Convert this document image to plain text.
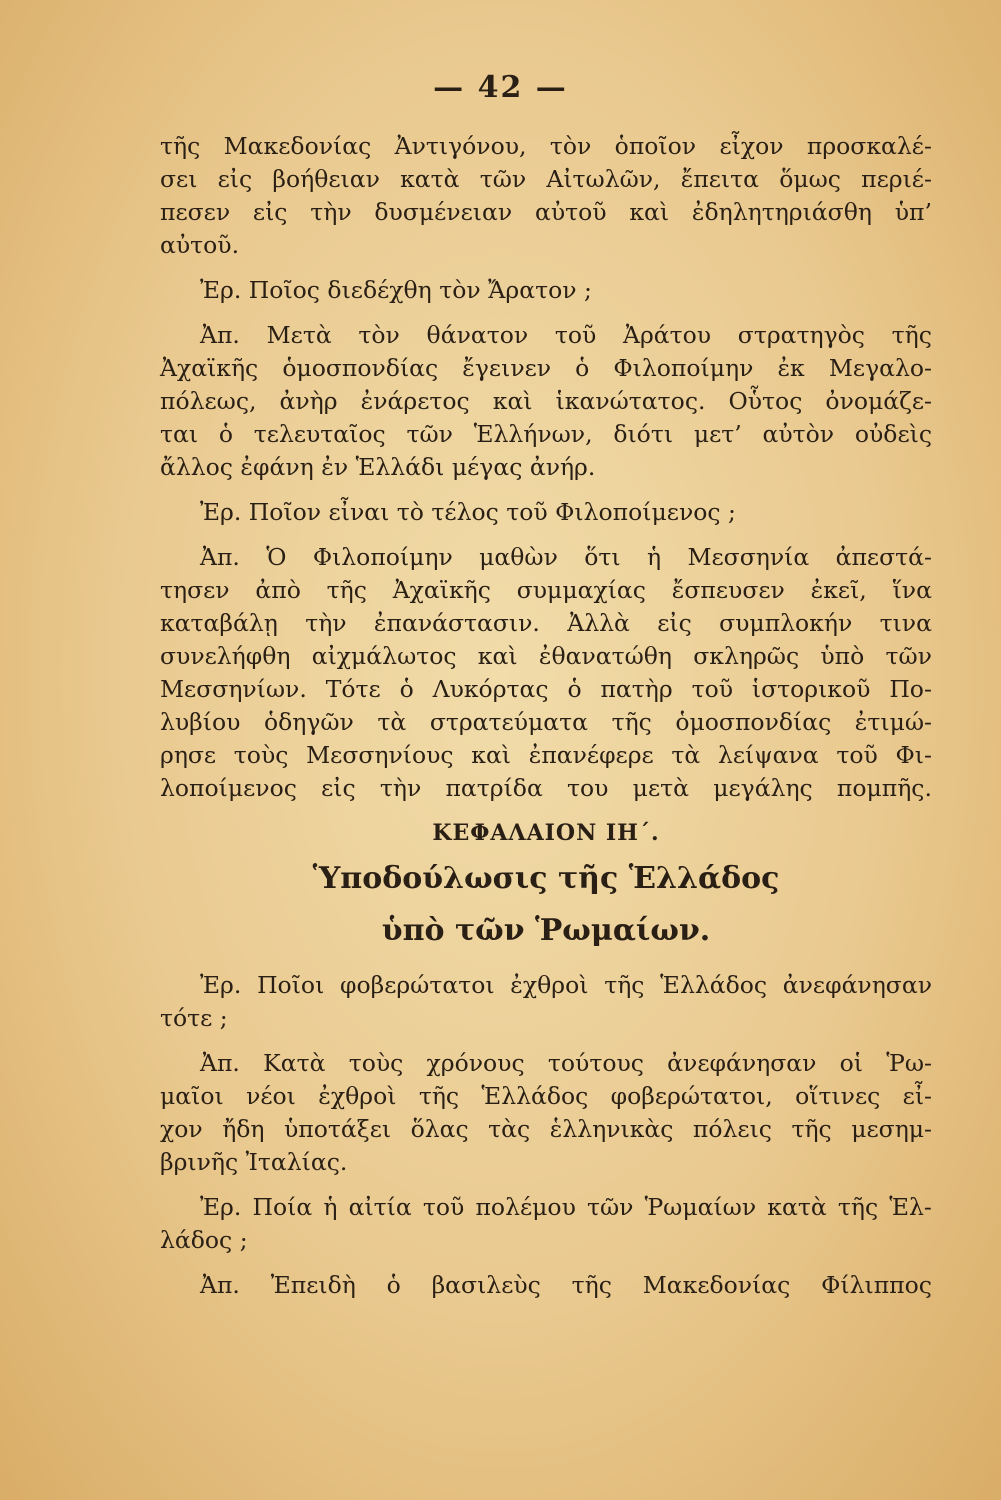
— 42 —
τῆς Μακεδονίας Ἀντιγόνου, τὸν ὁποῖον εἶχον προσκαλέ-
σει εἰς βοήθειαν κατὰ τῶν Αἰτωλῶν, ἔπειτα ὅμως περιέ-
πεσεν εἰς τὴν δυσμένειαν αὐτοῦ καὶ ἐδηλητηριάσθη ὑπ’
αὐτοῦ.
Ἐρ. Ποῖος διεδέχθη τὸν Ἄρατον ;
Ἀπ. Μετὰ τὸν θάνατον τοῦ Ἀράτου στρατηγὸς τῆς
Ἀχαϊκῆς ὁμοσπονδίας ἔγεινεν ὁ Φιλοποίμην ἐκ Μεγαλο-
πόλεως, ἀνὴρ ἐνάρετος καὶ ἱκανώτατος. Οὗτος ὀνομάζε-
ται ὁ τελευταῖος τῶν Ἑλλήνων, διότι μετ’ αὐτὸν οὐδεὶς
ἄλλος ἐφάνη ἐν Ἑλλάδι μέγας ἀνήρ.
Ἐρ. Ποῖον εἶναι τὸ τέλος τοῦ Φιλοποίμενος ;
Ἀπ. Ὁ Φιλοποίμην μαθὼν ὅτι ἡ Μεσσηνία ἀπεστά-
τησεν ἀπὸ τῆς Ἀχαϊκῆς συμμαχίας ἔσπευσεν ἐκεῖ, ἵνα
καταβάλῃ τὴν ἐπανάστασιν. Ἀλλὰ εἰς συμπλοκήν τινα
συνελήφθη αἰχμάλωτος καὶ ἐθανατώθη σκληρῶς ὑπὸ τῶν
Μεσσηνίων. Τότε ὁ Λυκόρτας ὁ πατὴρ τοῦ ἱστορικοῦ Πο-
λυβίου ὁδηγῶν τὰ στρατεύματα τῆς ὁμοσπονδίας ἐτιμώ-
ρησε τοὺς Μεσσηνίους καὶ ἐπανέφερε τὰ λείψανα τοῦ Φι-
λοποίμενος εἰς τὴν πατρίδα του μετὰ μεγάλης πομπῆς.
ΚΕΦΑΛΑΙΟΝ ΙΗ΄.
Ὑποδούλωσις τῆς Ἑλλάδος
ὑπὸ τῶν Ῥωμαίων.
Ἐρ. Ποῖοι φοβερώτατοι ἐχθροὶ τῆς Ἑλλάδος ἀνεφάνησαν
τότε ;
Ἀπ. Κατὰ τοὺς χρόνους τούτους ἀνεφάνησαν οἱ Ῥω-
μαῖοι νέοι ἐχθροὶ τῆς Ἑλλάδος φοβερώτατοι, οἵτινες εἶ-
χον ἤδη ὑποτάξει ὅλας τὰς ἑλληνικὰς πόλεις τῆς μεσημ-
βρινῆς Ἰταλίας.
Ἐρ. Ποία ἡ αἰτία τοῦ πολέμου τῶν Ῥωμαίων κατὰ τῆς Ἑλ-
λάδος ;
Ἀπ. Ἐπειδὴ ὁ βασιλεὺς τῆς Μακεδονίας Φίλιππος
